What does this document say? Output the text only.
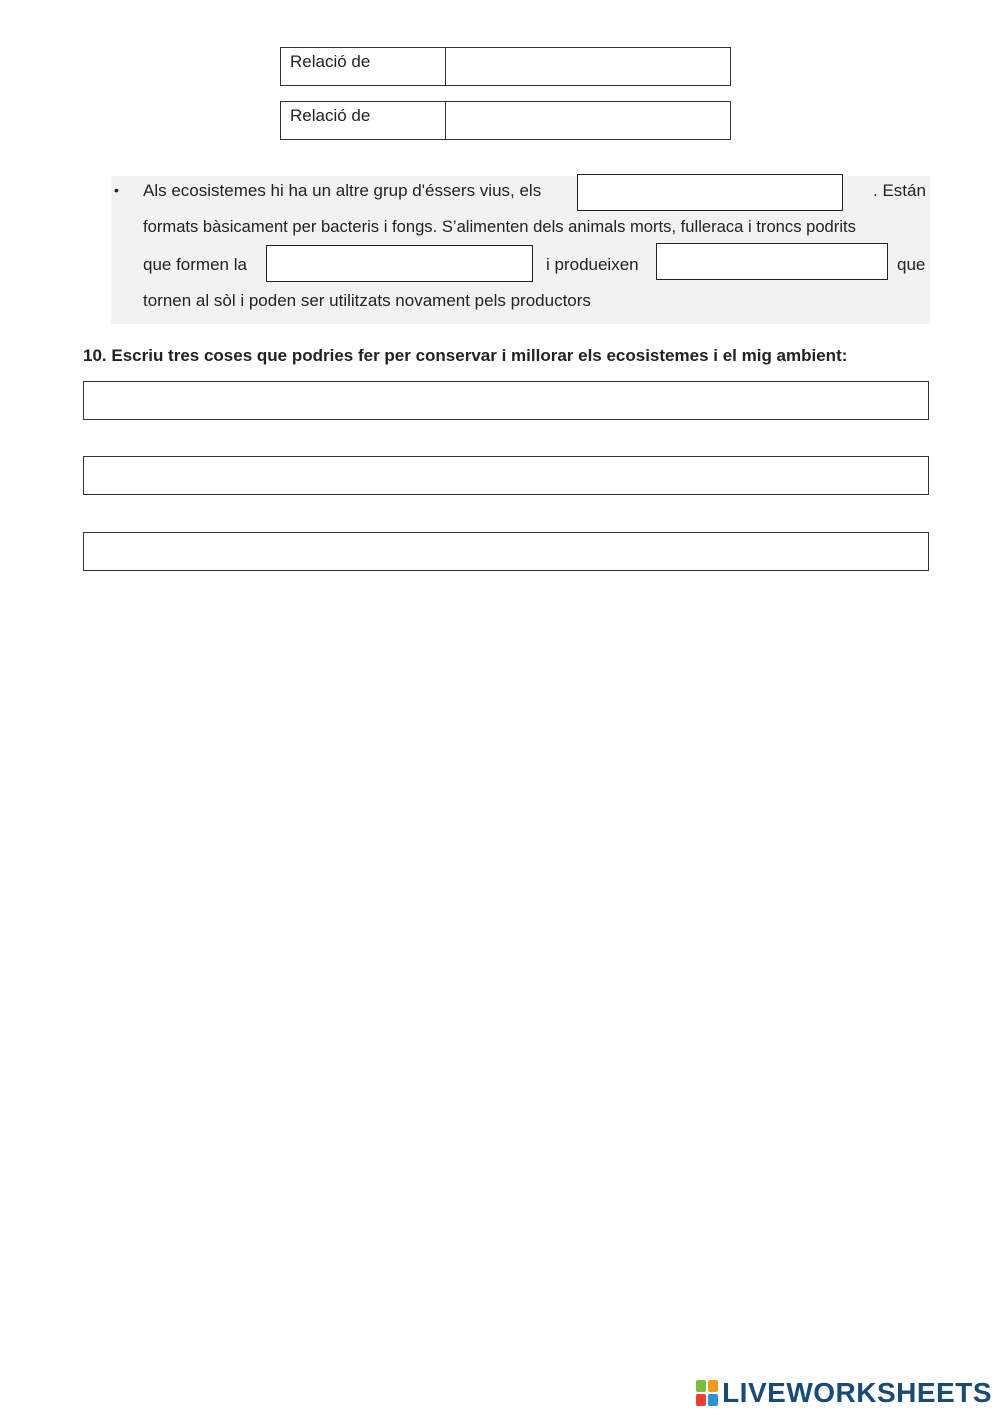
Relació de
Relació de
• Als ecosistemes hi ha un altre grup d'éssers vius, els	. Están
formats bàsicament per bacteris i fongs. S’alimenten dels animals morts, fulleraca i troncs podrits
que formen la	i produeixen	que
tornen al sòl i poden ser utilitzats novament pels productors
10. Escriu tres coses que podries fer per conservar i millorar els ecosistemes i el mig ambient:
LIVEWORKSHEETS
